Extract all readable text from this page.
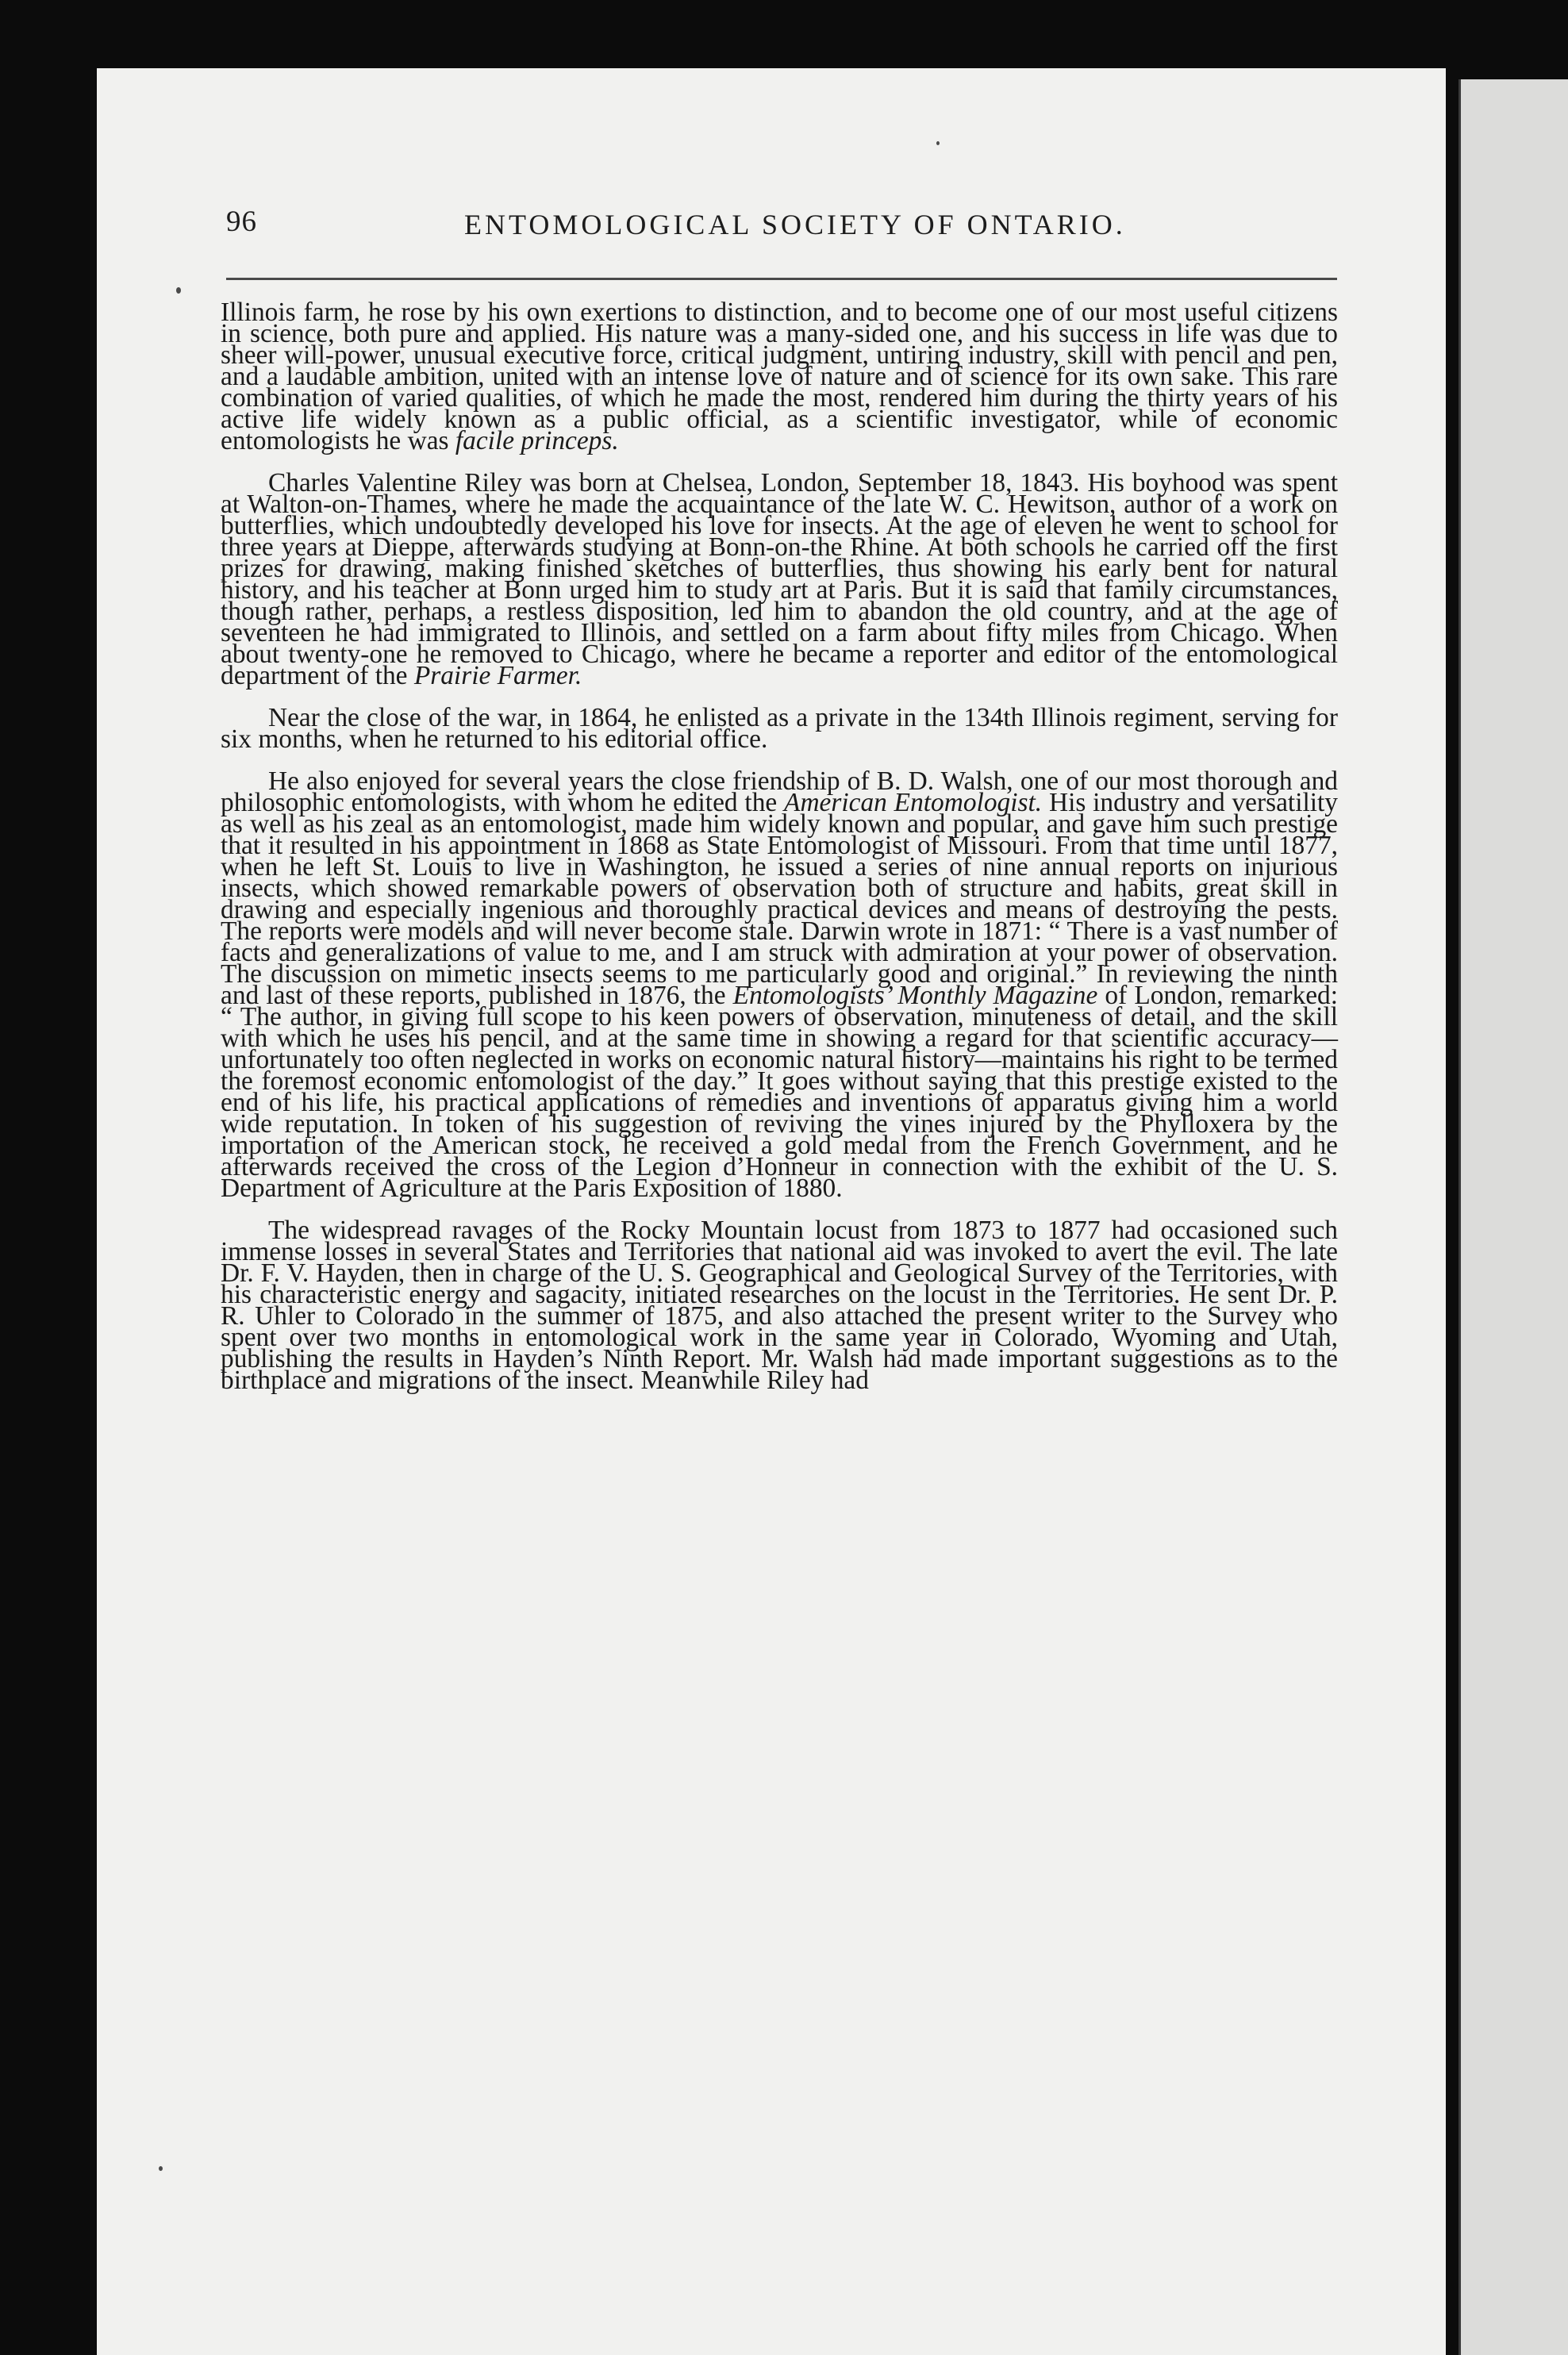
96	ENTOMOLOGICAL SOCIETY OF ONTARIO.

Illinois farm, he rose by his own exertions to distinction, and to become one of our most useful citizens in science, both pure and applied. His nature was a many-sided one, and his success in life was due to sheer will-power, unusual executive force, critical judgment, untiring industry, skill with pencil and pen, and a laudable ambition, united with an intense love of nature and of science for its own sake. This rare combination of varied qualities, of which he made the most, rendered him during the thirty years of his active life widely known as a public official, as a scientific investigator, while of economic entomologists he was facile princeps.

Charles Valentine Riley was born at Chelsea, London, September 18, 1843. His boyhood was spent at Walton-on-Thames, where he made the acquaintance of the late W. C. Hewitson, author of a work on butterflies, which undoubtedly developed his love for insects. At the age of eleven he went to school for three years at Dieppe, afterwards studying at Bonn-on-the Rhine. At both schools he carried off the first prizes for drawing, making finished sketches of butterflies, thus showing his early bent for natural history, and his teacher at Bonn urged him to study art at Paris. But it is said that family circumstances, though rather, perhaps, a restless disposition, led him to abandon the old country, and at the age of seventeen he had immigrated to Illinois, and settled on a farm about fifty miles from Chicago. When about twenty-one he removed to Chicago, where he became a reporter and editor of the entomological department of the Prairie Farmer.

Near the close of the war, in 1864, he enlisted as a private in the 134th Illinois regiment, serving for six months, when he returned to his editorial office.

He also enjoyed for several years the close friendship of B. D. Walsh, one of our most thorough and philosophic entomologists, with whom he edited the American Entomologist. His industry and versatility as well as his zeal as an entomologist, made him widely known and popular, and gave him such prestige that it resulted in his appointment in 1868 as State Entomologist of Missouri. From that time until 1877, when he left St. Louis to live in Washington, he issued a series of nine annual reports on injurious insects, which showed remarkable powers of observation both of structure and habits, great skill in drawing and especially ingenious and thoroughly practical devices and means of destroying the pests. The reports were models and will never become stale. Darwin wrote in 1871: “ There is a vast number of facts and generalizations of value to me, and I am struck with admiration at your power of observation. The discussion on mimetic insects seems to me particularly good and original.” In reviewing the ninth and last of these reports, published in 1876, the Entomologists’ Monthly Magazine of London, remarked: “ The author, in giving full scope to his keen powers of observation, minuteness of detail, and the skill with which he uses his pencil, and at the same time in showing a regard for that scientific accuracy—unfortunately too often neglected in works on economic natural history—maintains his right to be termed the foremost economic entomologist of the day.” It goes without saying that this prestige existed to the end of his life, his practical applications of remedies and inventions of apparatus giving him a world wide reputation. In token of his suggestion of reviving the vines injured by the Phylloxera by the importation of the American stock, he received a gold medal from the French Government, and he afterwards received the cross of the Legion d’Honneur in connection with the exhibit of the U. S. Department of Agriculture at the Paris Exposition of 1880.

The widespread ravages of the Rocky Mountain locust from 1873 to 1877 had occasioned such immense losses in several States and Territories that national aid was invoked to avert the evil. The late Dr. F. V. Hayden, then in charge of the U. S. Geographical and Geological Survey of the Territories, with his characteristic energy and sagacity, initiated researches on the locust in the Territories. He sent Dr. P. R. Uhler to Colorado in the summer of 1875, and also attached the present writer to the Survey who spent over two months in entomological work in the same year in Colorado, Wyoming and Utah, publishing the results in Hayden’s Ninth Report. Mr. Walsh had made important suggestions as to the birthplace and migrations of the insect. Meanwhile Riley had
